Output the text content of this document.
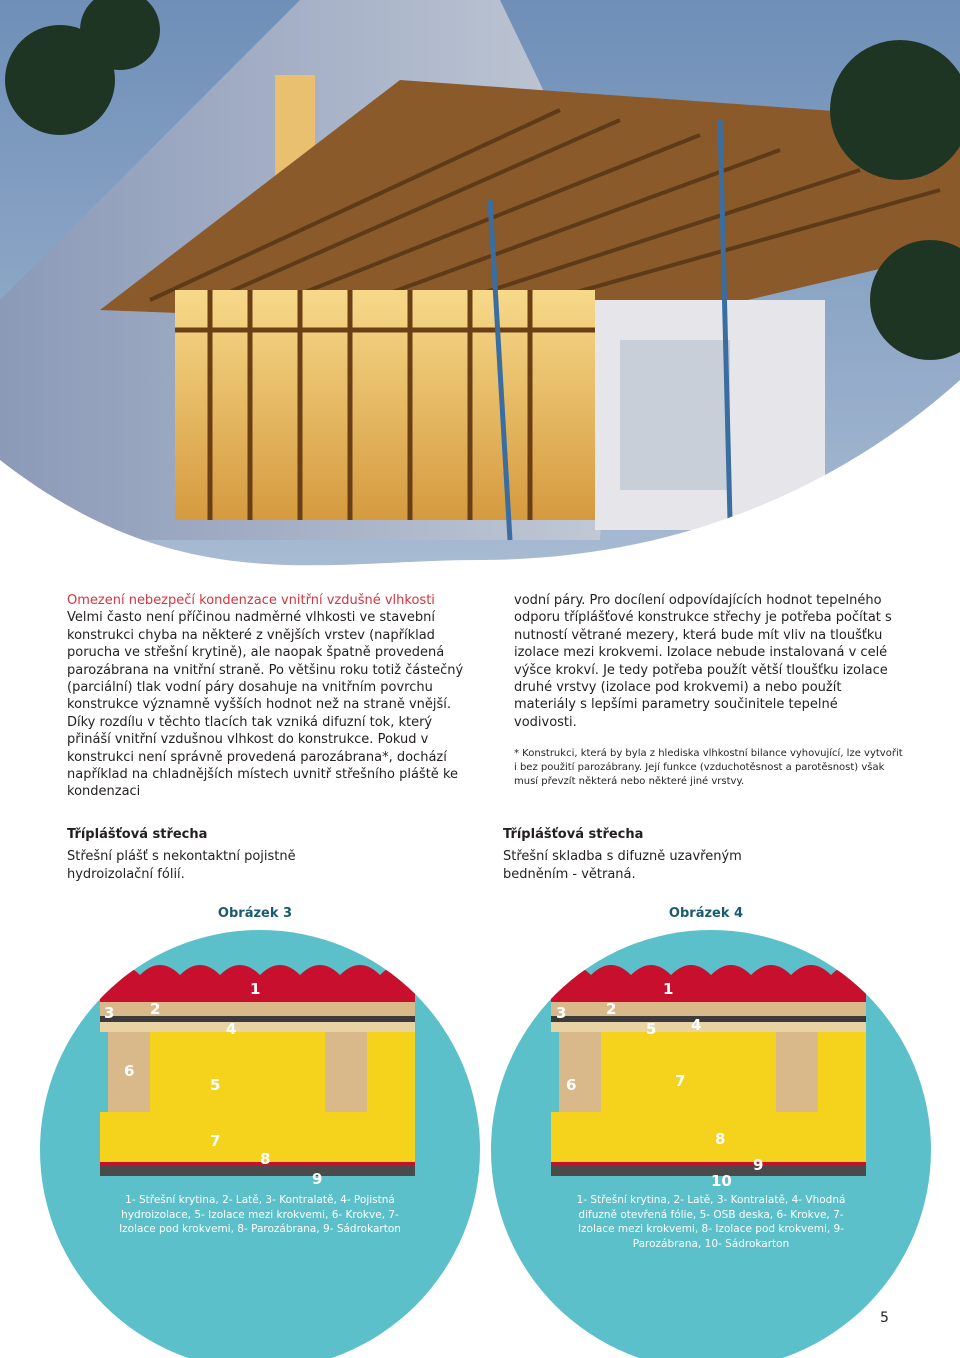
Omezení nebezpečí kondenzace vnitřní vzdušné vlhkosti
Velmi často není příčinou nadměrné vlhkosti ve stavební konstrukci chyba na některé z vnějších vrstev (například porucha ve střešní krytině), ale naopak špatně provedená parozábrana na vnitřní straně. Po většinu roku totiž částečný (parciální) tlak vodní páry dosahuje na vnitřním povrchu konstrukce významně vyšších hodnot než na straně vnější. Díky rozdílu v těchto tlacích tak vzniká difuzní tok, který přináší vnitřní vzdušnou vlhkost do konstrukce. Pokud v konstrukci není správně provedená parozábrana*, dochází například na chladnějších místech uvnitř střešního pláště ke kondenzaci
vodní páry. Pro docílení odpovídajících hodnot tepelného odporu tříplášťové konstrukce střechy je potřeba počítat s nutností větrané mezery, která bude mít vliv na tloušťku izolace mezi krokvemi. Izolace nebude instalovaná v celé výšce krokví. Je tedy potřeba použít větší tloušťku izolace druhé vrstvy (izolace pod krokvemi) a nebo použít materiály s lepšími parametry součinitele tepelné vodivosti.
* Konstrukci, která by byla z hlediska vlhkostní bilance vyhovující, lze vytvořit i bez použití parozábrany. Její funkce (vzduchotěsnost a parotěsnost) však musí převzít některá nebo některé jiné vrstvy.
Tříplášťová střecha
Střešní plášť s nekontaktní pojistně hydroizolační fólií.
Tříplášťová střecha
Střešní skladba s difuzně uzavřeným bedněním - větraná.
Obrázek 3	Obrázek 4
1
2
3
4
5
6
7
8
9
1- Střešní krytina, 2- Latě, 3- Kontralatě, 4- Pojistná hydroizolace, 5- Izolace mezi krokvemi, 6- Krokve, 7- Izolace pod krokvemi, 8- Parozábrana, 9- Sádrokarton
1
2
3
4
5
6	7
8
9
10
1- Střešní krytina, 2- Latě, 3- Kontralatě, 4- Vhodná difuzně otevřená fólie, 5- OSB deska, 6- Krokve, 7- Izolace mezi krokvemi, 8- Izolace pod krokvemi, 9- Parozábrana, 10- Sádrokarton
5
